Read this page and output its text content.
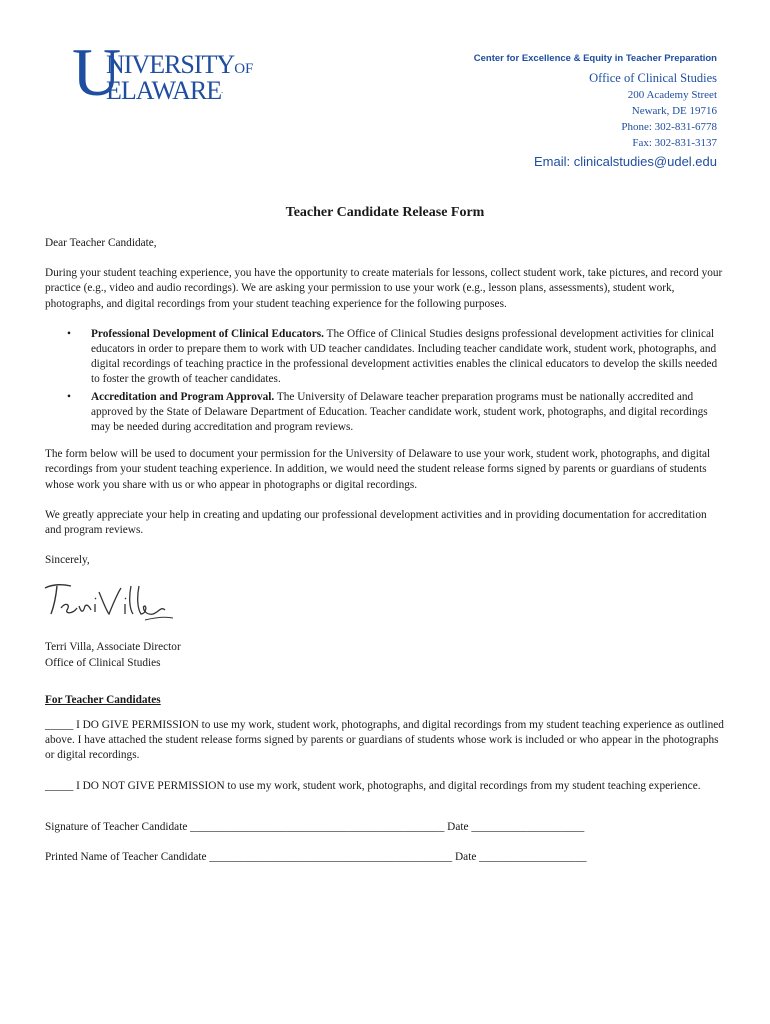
U
NIVERSITYOF
ELAWARE.
Center for Excellence & Equity in Teacher Preparation
Office of Clinical Studies
200 Academy Street
Newark, DE 19716
Phone: 302-831-6778
Fax: 302-831-3137
Email: clinicalstudies@udel.edu
Teacher Candidate Release Form

Dear Teacher Candidate,

During your student teaching experience, you have the opportunity to create materials for lessons, collect student work, take pictures, and record your practice (e.g., video and audio recordings). We are asking your permission to use your work (e.g., lesson plans, assessments), student work, photographs, and digital recordings from your student teaching experience for the following purposes.

• Professional Development of Clinical Educators. The Office of Clinical Studies designs professional development activities for clinical educators in order to prepare them to work with UD teacher candidates. Including teacher candidate work, student work, photographs, and digital recordings of teaching practice in the professional development activities enables the clinical educators to develop the skills needed to foster the growth of teacher candidates.
• Accreditation and Program Approval. The University of Delaware teacher preparation programs must be nationally accredited and approved by the State of Delaware Department of Education. Teacher candidate work, student work, photographs, and digital recordings may be needed during accreditation and program reviews.

The form below will be used to document your permission for the University of Delaware to use your work, student work, photographs, and digital recordings from your student teaching experience. In addition, we would need the student release forms signed by parents or guardians of students whose work you share with us or who appear in photographs or digital recordings.

We greatly appreciate your help in creating and updating our professional development activities and in providing documentation for accreditation and program reviews.

Sincerely,

Terri Villa, Associate Director
Office of Clinical Studies

For Teacher Candidates

_____ I DO GIVE PERMISSION to use my work, student work, photographs, and digital recordings from my student teaching experience as outlined above. I have attached the student release forms signed by parents or guardians of students whose work is included or who appear in the photographs or digital recordings.

_____ I DO NOT GIVE PERMISSION to use my work, student work, photographs, and digital recordings from my student teaching experience.

Signature of Teacher Candidate _____________________________________________ Date ____________________

Printed Name of Teacher Candidate ___________________________________________ Date ___________________
